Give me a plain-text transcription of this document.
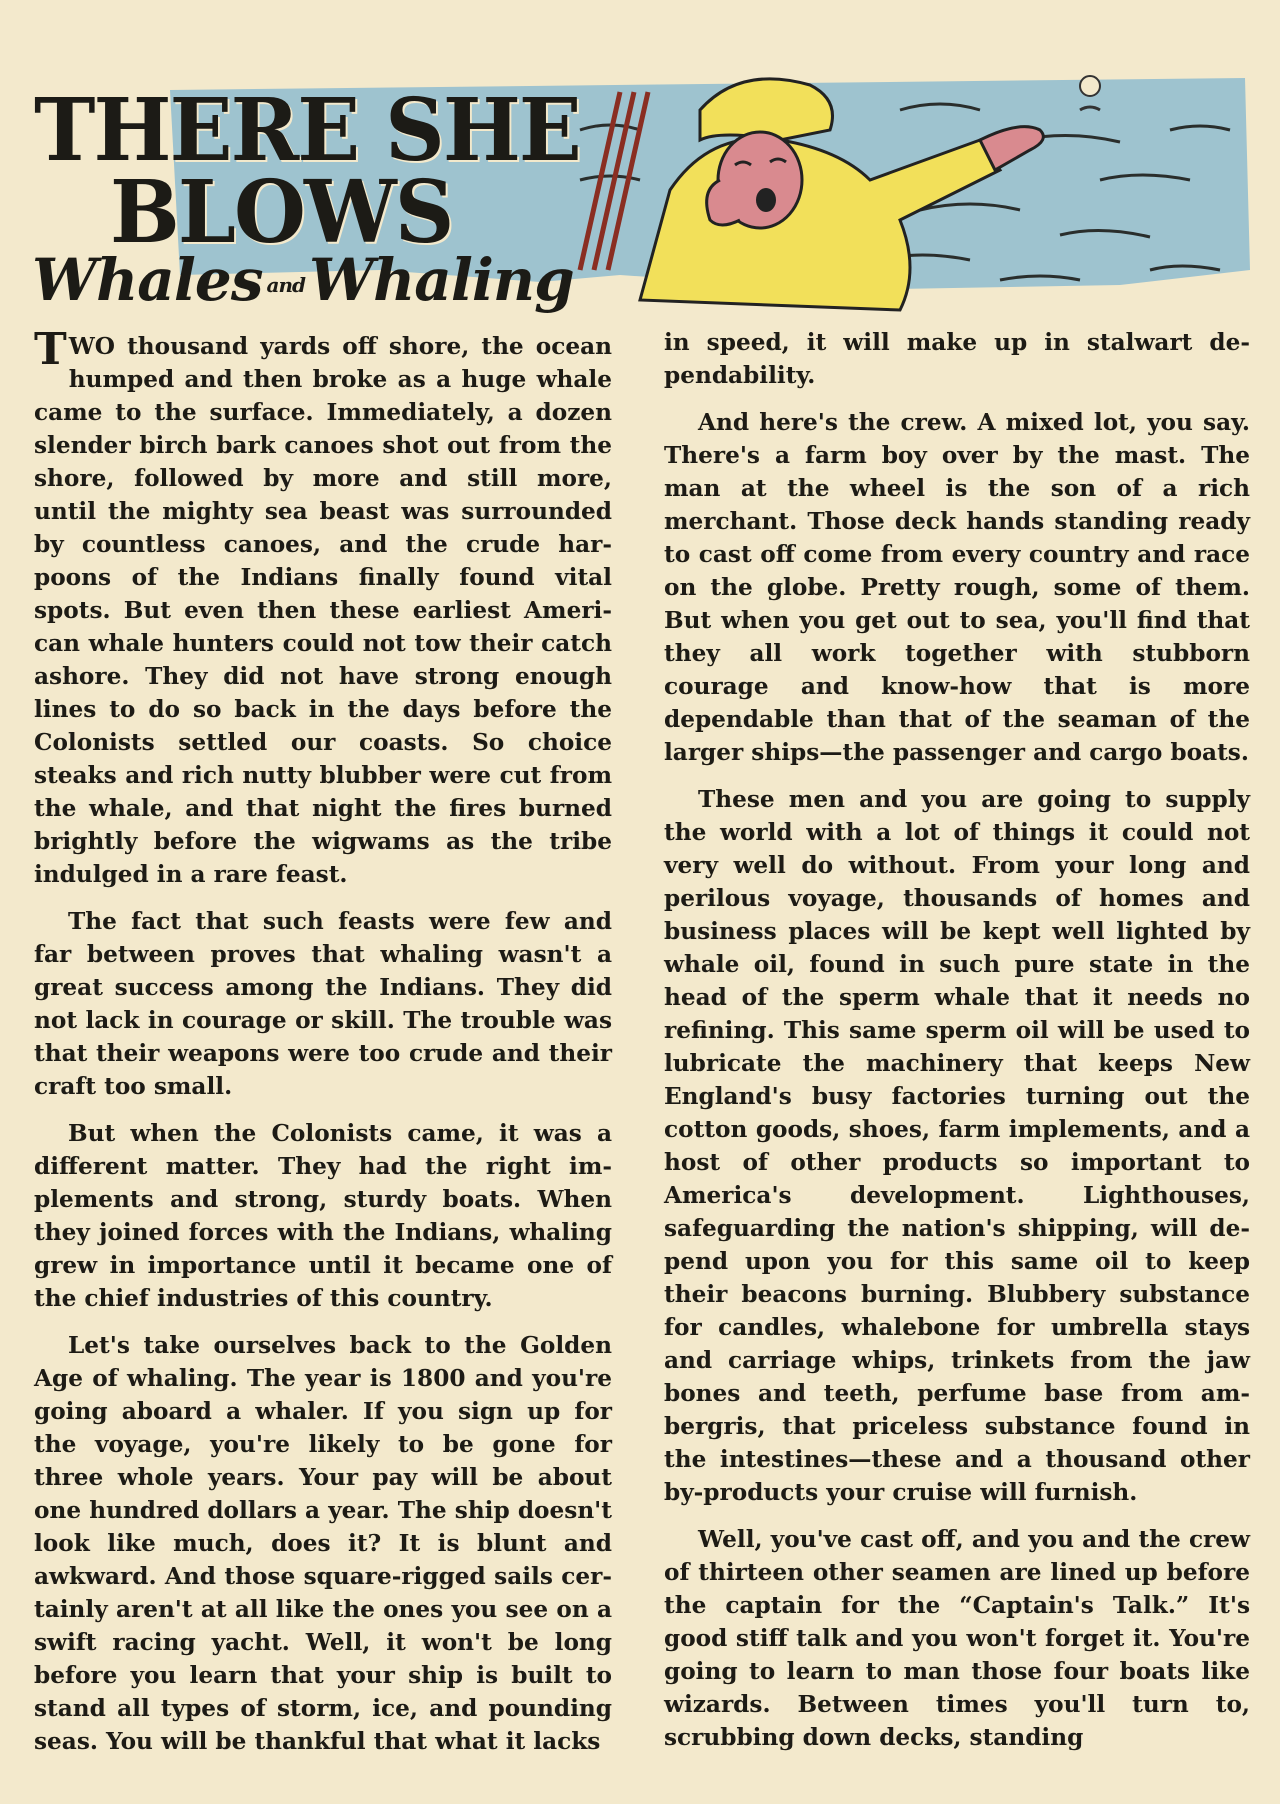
THERE SHE
BLOWS
Whales andWhaling

TWO thousand yards off shore, the ocean humped and then broke as a huge whale came to the surface. Immediately, a dozen slender birch bark canoes shot out from the shore, followed by more and still more, until the mighty sea beast was surrounded by countless canoes, and the crude harpoons of the Indians finally found vital spots. But even then these earliest American whale hunters could not tow their catch ashore. They did not have strong enough lines to do so back in the days before the Colonists settled our coasts. So choice steaks and rich nutty blubber were cut from the whale, and that night the fires burned brightly before the wigwams as the tribe indulged in a rare feast.

The fact that such feasts were few and far between proves that whaling wasn't a great success among the Indians. They did not lack in courage or skill. The trouble was that their weapons were too crude and their craft too small.

But when the Colonists came, it was a different matter. They had the right implements and strong, sturdy boats. When they joined forces with the Indians, whaling grew in importance until it became one of the chief industries of this country.

Let's take ourselves back to the Golden Age of whaling. The year is 1800 and you're going aboard a whaler. If you sign up for the voyage, you're likely to be gone for three whole years. Your pay will be about one hundred dollars a year. The ship doesn't look like much, does it? It is blunt and awkward. And those square-rigged sails certainly aren't at all like the ones you see on a swift racing yacht. Well, it won't be long before you learn that your ship is built to stand all types of storm, ice, and pounding seas. You will be thankful that what it lacks

in speed, it will make up in stalwart dependability.

And here's the crew. A mixed lot, you say. There's a farm boy over by the mast. The man at the wheel is the son of a rich merchant. Those deck hands standing ready to cast off come from every country and race on the globe. Pretty rough, some of them. But when you get out to sea, you'll find that they all work together with stubborn courage and know-how that is more dependable than that of the seaman of the larger ships—the passenger and cargo boats.

These men and you are going to supply the world with a lot of things it could not very well do without. From your long and perilous voyage, thousands of homes and business places will be kept well lighted by whale oil, found in such pure state in the head of the sperm whale that it needs no refining. This same sperm oil will be used to lubricate the machinery that keeps New England's busy factories turning out the cotton goods, shoes, farm implements, and a host of other products so important to America's development. Lighthouses, safeguarding the nation's shipping, will depend upon you for this same oil to keep their beacons burning. Blubbery substance for candles, whalebone for umbrella stays and carriage whips, trinkets from the jaw bones and teeth, perfume base from ambergris, that priceless substance found in the intestines—these and a thousand other by-products your cruise will furnish.

Well, you've cast off, and you and the crew of thirteen other seamen are lined up before the captain for the “Captain's Talk.” It's good stiff talk and you won't forget it. You're going to learn to man those four boats like wizards. Between times you'll turn to, scrubbing down decks, standing
